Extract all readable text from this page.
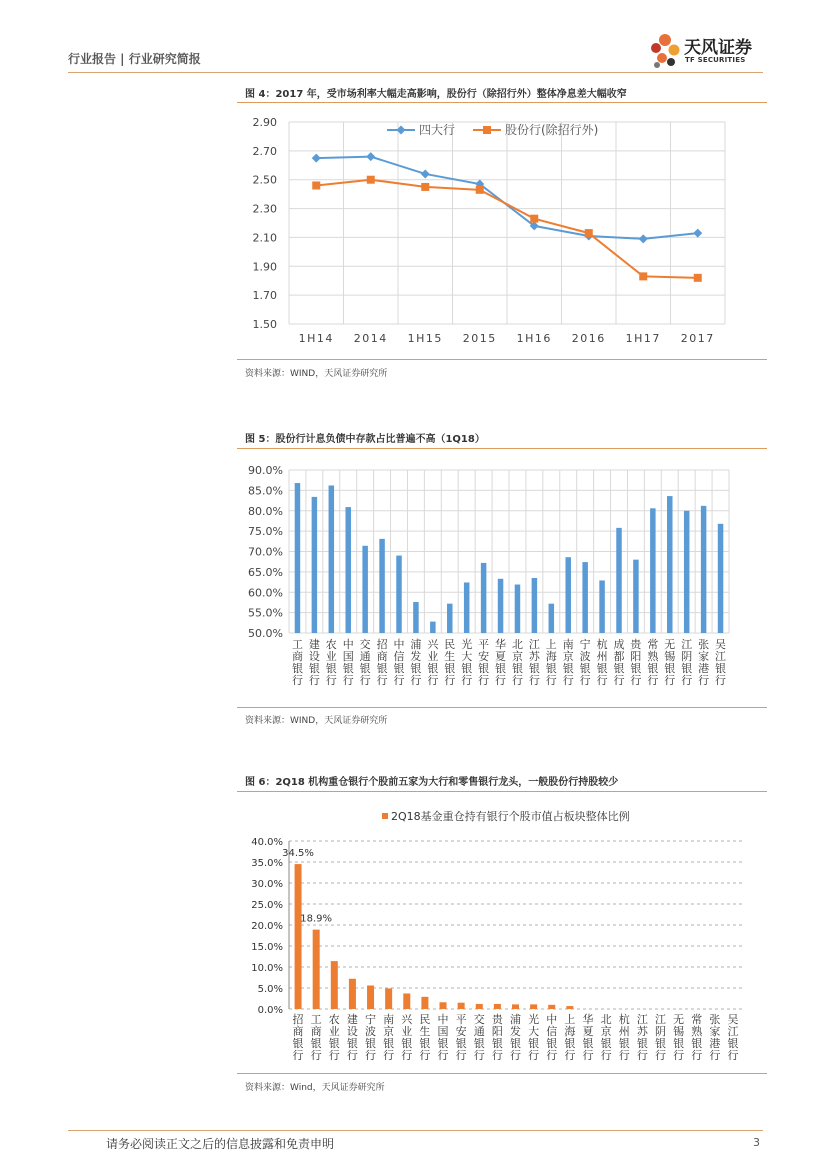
行业报告 | 行业研究简报
天风证券
TF SECURITIES
图 4：2017 年，受市场利率大幅走高影响，股份行（除招行外）整体净息差大幅收窄
2.90
2.70
2.50
2.30
2.10
1.90
1.70
1.50
1H14 2014 1H15 2015 1H16 2016 1H17 2017
四大行	股份行(除招行外)
资料来源：WIND，天风证券研究所
图 5：股份行计息负债中存款占比普遍不高（1Q18）
90.0%
85.0%
80.0%
75.0%
70.0%
65.0%
60.0%
55.0%
50.0%
工商银行
建设银行
农业银行
中国银行
交通银行
招商银行
中信银行
浦发银行
兴业银行
民生银行
光大银行
平安银行
华夏银行
北京银行
江苏银行
上海银行
南京银行
宁波银行
杭州银行
成都银行
贵阳银行
常熟银行
无锡银行
江阴银行
张家港行
吴江银行
资料来源：WIND，天风证券研究所
图 6：2Q18 机构重仓银行个股前五家为大行和零售银行龙头，一般股份行持股较少
40.0%
35.0%
30.0%
25.0%
20.0%
15.0%
10.0%
5.0%
0.0%
34.5%
18.9%
招商银行
工商银行
农业银行
建设银行
宁波银行
南京银行
兴业银行
民生银行
中国银行
平安银行
交通银行
贵阳银行
浦发银行
光大银行
中信银行
上海银行
华夏银行
北京银行
杭州银行
江苏银行
江阴银行
无锡银行
常熟银行
张家港行
吴江银行
2Q18基金重仓持有银行个股市值占板块整体比例
资料来源：Wind，天风证券研究所
请务必阅读正文之后的信息披露和免责申明	3
